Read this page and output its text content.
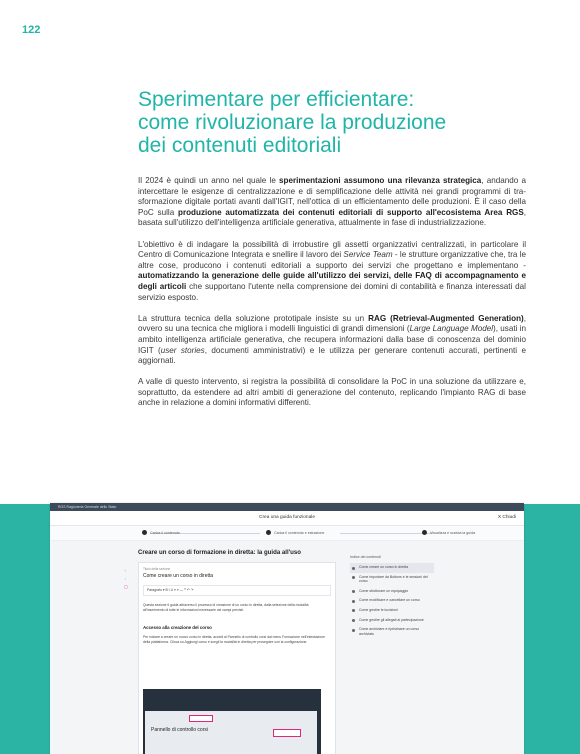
122
Sperimentare per efficientare: come rivoluzionare la produzione dei contenuti editoriali

Il 2024 è quindi un anno nel quale le sperimentazioni assumono una rilevanza strategica, andando a intercettare le esigenze di centralizzazione e di semplificazione delle attività nei grandi programmi di tra-sformazione digitale portati avanti dall'IGIT, nell'ottica di un efficientamento delle produzioni. È il caso della PoC sulla produzione automatizzata dei contenuti editoriali di supporto all'ecosistema Area RGS, basata sull'utilizzo dell'intelligenza artificiale generativa, attualmente in fase di industrializzazione.

L'obiettivo è di indagare la possibilità di irrobustire gli assetti organizzativi centralizzati, in particolare il Centro di Comunicazione Integrata e snellire il lavoro dei Service Team - le strutture organizzative che, tra le altre cose, producono i contenuti editoriali a supporto dei servizi che progettano e implementano - automatizzando la generazione delle guide all'utilizzo dei servizi, delle FAQ di accompagnamento e degli articoli che supportano l'utente nella comprensione dei domini di contabilità e finanza interessati dal servizio esposto.

La struttura tecnica della soluzione prototipale insiste su un RAG (Retrieval-Augmented Generation), ovvero su una tecnica che migliora i modelli linguistici di grandi dimensioni (Large Language Model), usati in ambito intelligenza artificiale generativa, che recupera informazioni dalla base di conoscenza del dominio IGIT (user stories, documenti amministrativi) e le utilizza per generare contenuti accurati, pertinenti e aggiornati.

A valle di questo intervento, si registra la possibilità di consolidare la PoC in una soluzione da utilizzare e, soprattutto, da estendere ad altri ambiti di generazione del contenuto, replicando l'impianto RAG di base anche in relazione a domini informativi differenti.

RGS Ragioneria Generale dello Stato
Crea una guida funzionale	X Chiudi
Carica il contenuto	Carica il contenuto e estrazione	Visualizza e scarica la guida
↑
↓
▢
Creare un corso di formazione in diretta: la guida all'uso
Titolo della sezione
Come creare un corso in diretta
Paragrafo ▾ B I U ≡ ≡ — ❞ ↶ ↷
Questa sezione ti guida attraverso il processo di creazione di un corso in diretta, dalla selezione della modalità all'inserimento di tutte le informazioni necessarie nei campi previsti.
Accesso alla creazione del corso
Per iniziare a creare un nuovo corso in diretta, accedi al Pannello di controllo corsi dal menu Formazione nell'intestazione della piattaforma. Clicca su Aggiungi corso e scegli la modalità in diretta per proseguire con la configurazione.
Pannello di controllo corsi
Indice dei contenuti
Come creare un corso in diretta
Come importare da Buttons e le sessioni del corso
Come strutturare un equipaggio
Come modificare e cancellare un corso
Come gestire le iscrizioni
Come gestire gli allegati ai partecipazione
Come archiviare e ripristinare un corso archiviato
